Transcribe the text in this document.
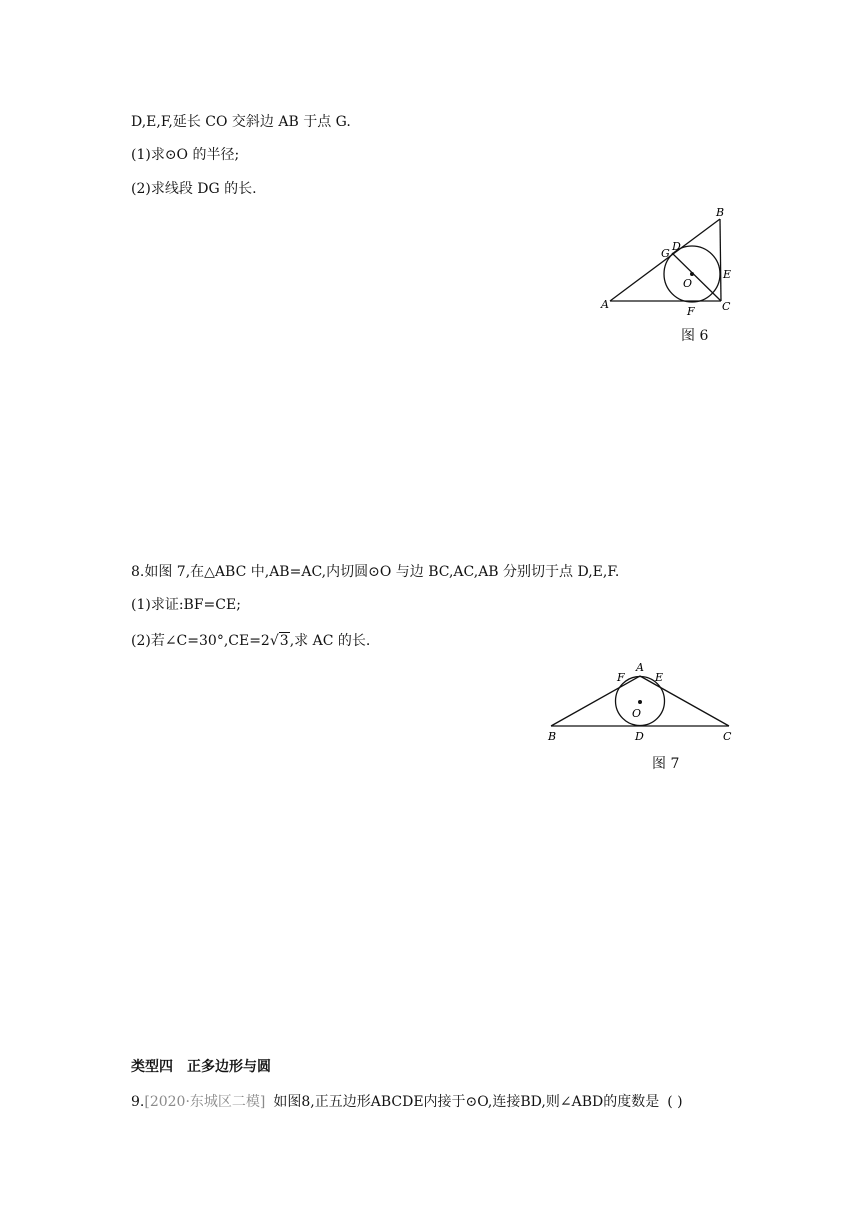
D,E,F,延长 CO 交斜边 AB 于点 G.
(1)求⊙O 的半径;
(2)求线段 DG 的长.
B
G
D
E
O
A
F C
图 6
8.如图 7,在△ABC 中,AB=AC,内切圆⊙O 与边 BC,AC,AB 分别切于点 D,E,F.
(1)求证:BF=CE;
(2)若∠C=30°,CE=2√3,求 AC 的长.
A
F	E
O
B	D	C
图 7
类型四 正多边形与圆
9.[2020·东城区二模] 如图8,正五边形ABCDE内接于⊙O,连接BD,则∠ABD的度数是 ( )
